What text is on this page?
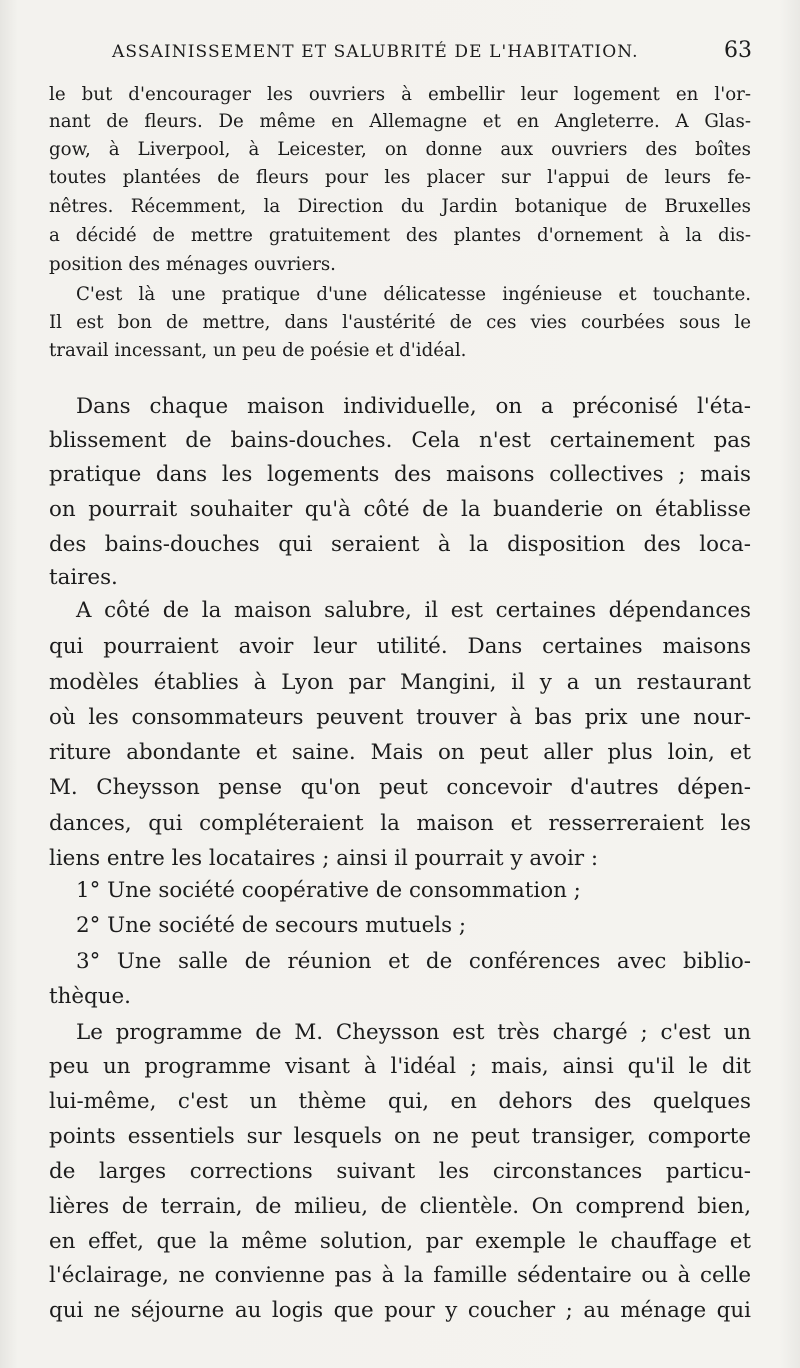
ASSAINISSEMENT ET SALUBRITÉ DE L'HABITATION.	63
le but d'encourager les ouvriers à embellir leur logement en l'or-
nant de fleurs. De même en Allemagne et en Angleterre. A Glas-
gow, à Liverpool, à Leicester, on donne aux ouvriers des boîtes
toutes plantées de fleurs pour les placer sur l'appui de leurs fe-
nêtres. Récemment, la Direction du Jardin botanique de Bruxelles
a décidé de mettre gratuitement des plantes d'ornement à la dis-
position des ménages ouvriers.
C'est là une pratique d'une délicatesse ingénieuse et touchante.
Il est bon de mettre, dans l'austérité de ces vies courbées sous le
travail incessant, un peu de poésie et d'idéal.
Dans chaque maison individuelle, on a préconisé l'éta-
blissement de bains-douches. Cela n'est certainement pas
pratique dans les logements des maisons collectives ; mais
on pourrait souhaiter qu'à côté de la buanderie on établisse
des bains-douches qui seraient à la disposition des loca-
taires.
A côté de la maison salubre, il est certaines dépendances
qui pourraient avoir leur utilité. Dans certaines maisons
modèles établies à Lyon par Mangini, il y a un restaurant
où les consommateurs peuvent trouver à bas prix une nour-
riture abondante et saine. Mais on peut aller plus loin, et
M. Cheysson pense qu'on peut concevoir d'autres dépen-
dances, qui compléteraient la maison et resserreraient les
liens entre les locataires ; ainsi il pourrait y avoir :
1° Une société coopérative de consommation ;
2° Une société de secours mutuels ;
3° Une salle de réunion et de conférences avec biblio-
thèque.
Le programme de M. Cheysson est très chargé ; c'est un
peu un programme visant à l'idéal ; mais, ainsi qu'il le dit
lui-même, c'est un thème qui, en dehors des quelques
points essentiels sur lesquels on ne peut transiger, comporte
de larges corrections suivant les circonstances particu-
lières de terrain, de milieu, de clientèle. On comprend bien,
en effet, que la même solution, par exemple le chauffage et
l'éclairage, ne convienne pas à la famille sédentaire ou à celle
qui ne séjourne au logis que pour y coucher ; au ménage qui
